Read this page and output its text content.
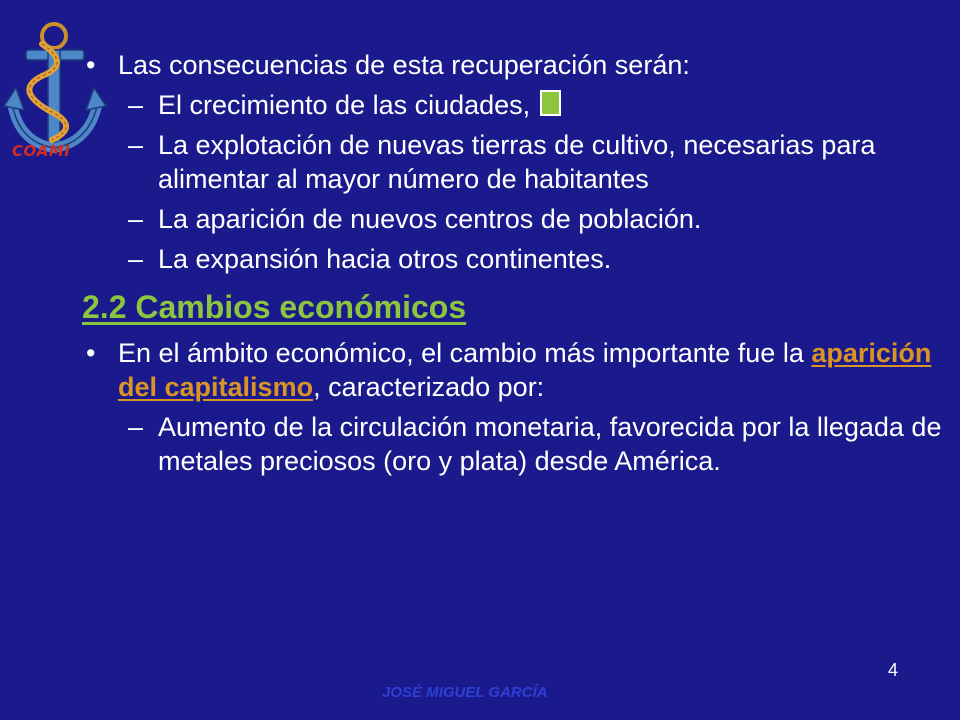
COAMI
• Las consecuencias de esta recuperación serán:
– El crecimiento de las ciudades,
– La explotación de nuevas tierras de cultivo, necesarias para alimentar al mayor número de habitantes
– La aparición de nuevos centros de población.
– La expansión hacia otros continentes.
2.2 Cambios económicos
• En el ámbito económico, el cambio más importante fue la aparición del capitalismo, caracterizado por:
– Aumento de la circulación monetaria, favorecida por la llegada de metales preciosos (oro y plata) desde América.
4
JOSÉ MIGUEL GARCÍA
